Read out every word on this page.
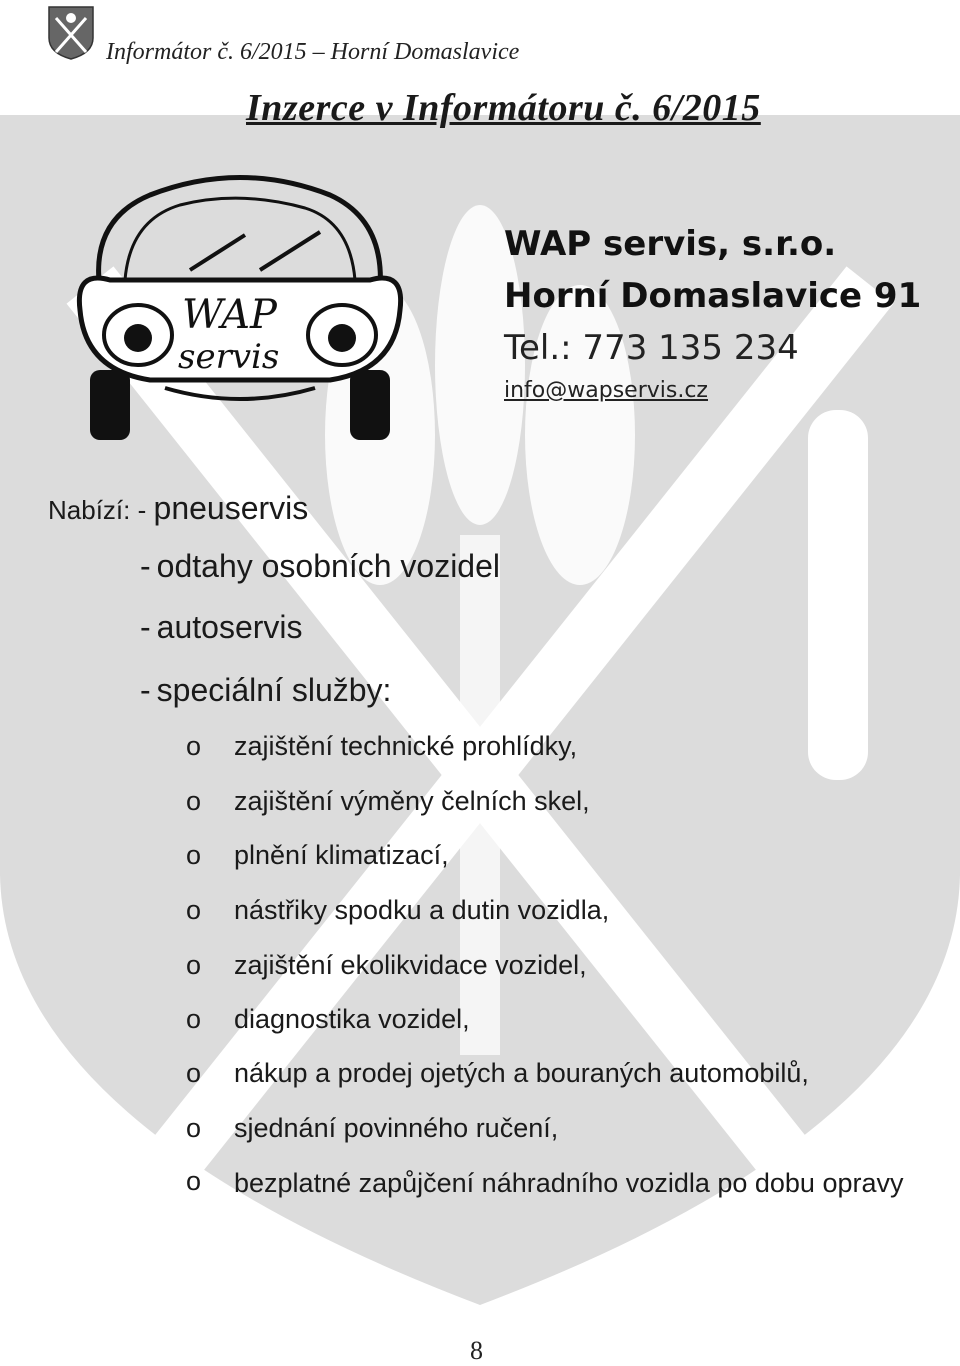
Informátor č. 6/2015 – Horní Domaslavice
Inzerce v Informátoru č. 6/2015
WAP
servis
WAP servis, s.r.o.
Horní Domaslavice 91
Tel.: 773 135 234
info@wapservis.cz
Nabízí: - pneuservis
- odtahy osobních vozidel
- autoservis
- speciální služby:
o zajištění technické prohlídky,
o zajištění výměny čelních skel,
o plnění klimatizací,
o nástřiky spodku a dutin vozidla,
o zajištění ekolikvidace vozidel,
o diagnostika vozidel,
o nákup a prodej ojetých a bouraných automobilů,
o sjednání povinného ručení,
o bezplatné zapůjčení náhradního vozidla po dobu opravy
8
